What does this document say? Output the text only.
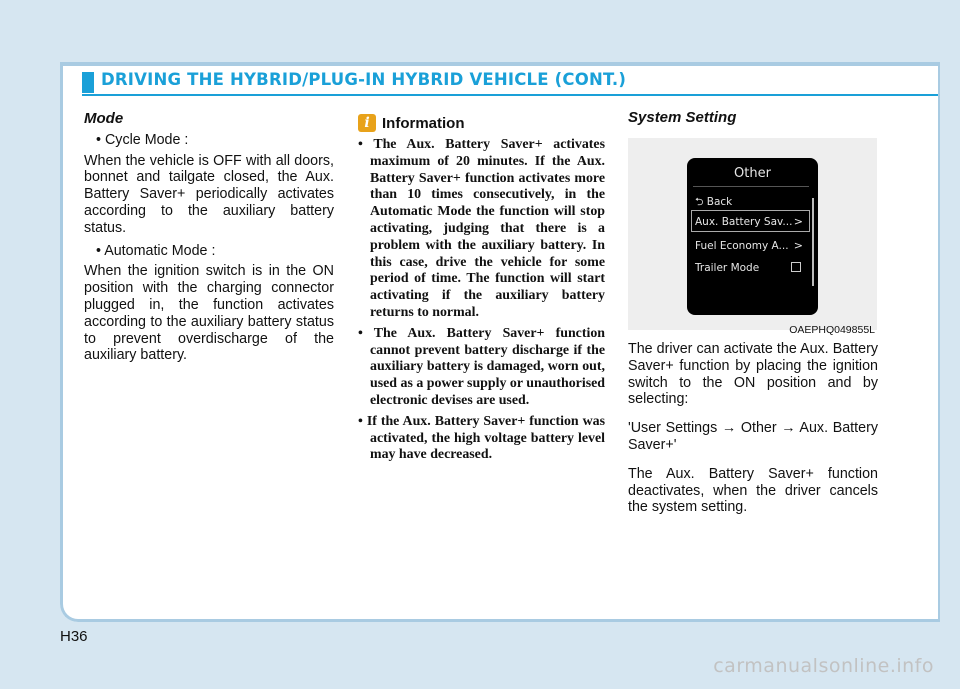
DRIVING THE HYBRID/PLUG-IN HYBRID VEHICLE (CONT.)
Mode
• Cycle Mode :

When the vehicle is OFF with all doors, bonnet and tailgate closed, the Aux. Battery Saver+ periodically activates according to the auxiliary battery status.

• Automatic Mode :

When the ignition switch is in the ON position with the charging connector plugged in, the function activates according to the auxiliary battery status to prevent overdischarge of the auxiliary battery.

i Information
• The Aux. Battery Saver+ activates maximum of 20 minutes. If the Aux. Battery Saver+ function activates more than 10 times consecutively, in the Automatic Mode the function will stop activating, judging that there is a problem with the auxiliary battery. In this case, drive the vehicle for some period of time. The function will start activating if the auxiliary battery returns to normal.
• The Aux. Battery Saver+ function cannot prevent battery discharge if the auxiliary battery is damaged, worn out, used as a power supply or unauthorised electronic devises are used.
• If the Aux. Battery Saver+ function was activated, the high voltage battery level may have decreased.
System Setting
Other
⮌ Back
Aux. Battery Sav... >
Fuel Economy A... >
Trailer Mode
OAEPHQ049855L

The driver can activate the Aux. Battery Saver+ function by placing the ignition switch to the ON position and by selecting:

'User Settings → Other → Aux. Battery Saver+'

The Aux. Battery Saver+ function deactivates, when the driver cancels the system setting.

H36
carmanualsonline.info
